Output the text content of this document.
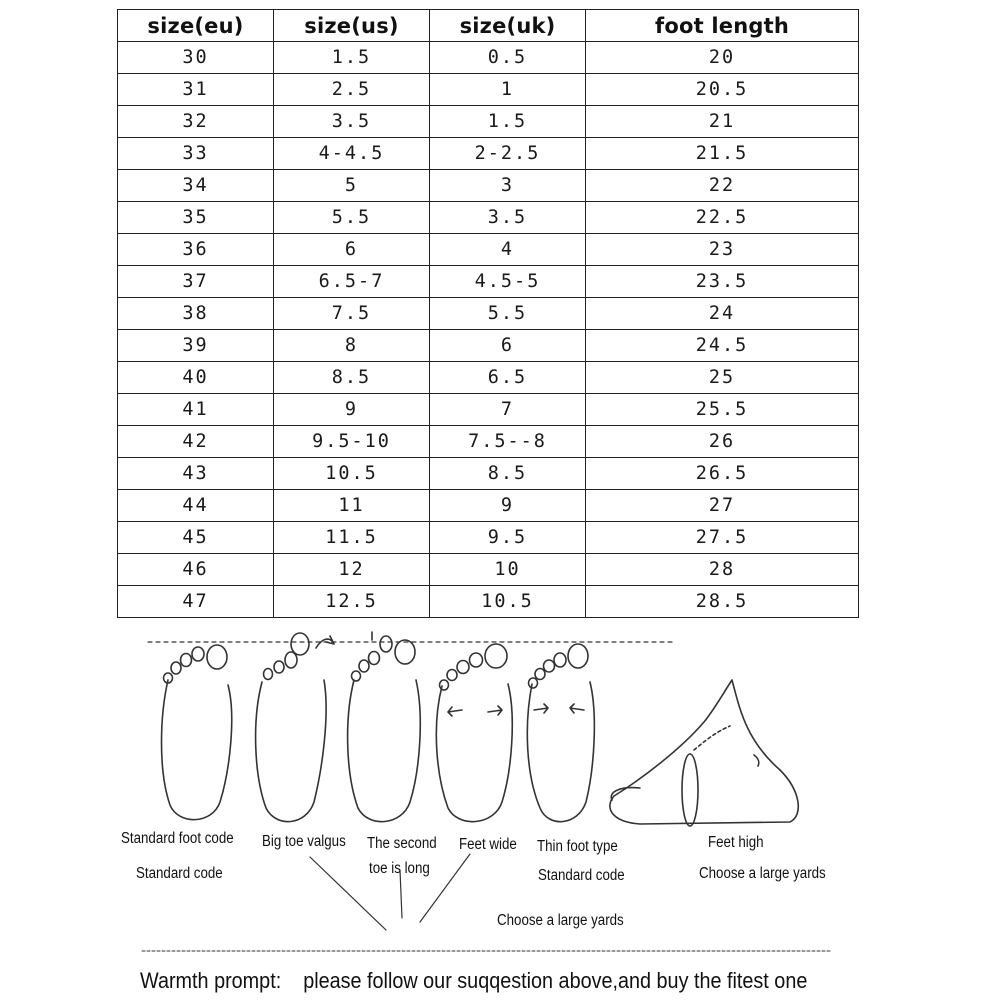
size(eu)	size(us)	size(uk)	foot length
30	1.5	0.5	20
31	2.5	1	20.5
32	3.5	1.5	21
33	4-4.5	2-2.5	21.5
34	5	3	22
35	5.5	3.5	22.5
36	6	4	23
37	6.5-7	4.5-5	23.5
38	7.5	5.5	24
39	8	6	24.5
40	8.5	6.5	25
41	9	7	25.5
42	9.5-10	7.5--8	26
43	10.5	8.5	26.5
44	11	9	27
45	11.5	9.5	27.5
46	12	10	28
47	12.5	10.5	28.5
Standard foot code
Standard code
Big toe valgus The second
toe is long
Feet wide Thin foot type
Standard code
Feet high
Choose a large yards
Choose a large yards
Warmth prompt:    please follow our suqqestion above,and buy the fitest one
